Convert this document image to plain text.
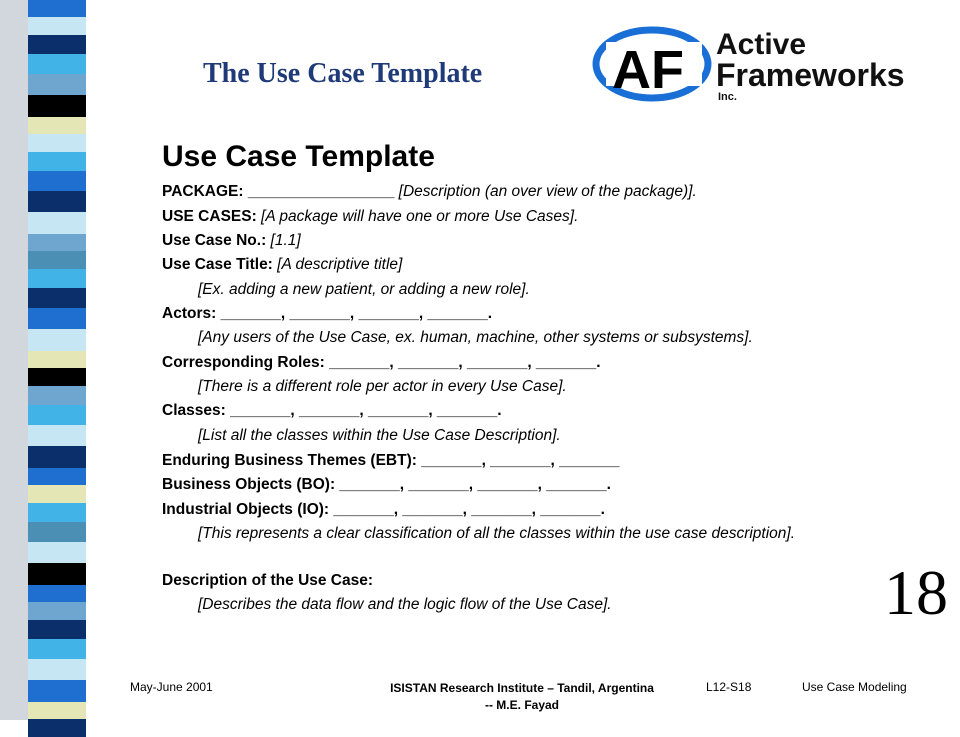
The Use Case Template AF Active
Frameworks
Inc.
Use Case Template
PACKAGE: _________________ [Description (an over view of the package)].
USE CASES: [A package will have one or more Use Cases].
Use Case No.: [1.1]
Use Case Title: [A descriptive title]
[Ex. adding a new patient, or adding a new role].
Actors: _______, _______, _______, _______.
[Any users of the Use Case, ex. human, machine, other systems or subsystems].
Corresponding Roles: _______, _______, _______, _______.
[There is a different role per actor in every Use Case].
Classes: _______, _______, _______, _______.
[List all the classes within the Use Case Description].
Enduring Business Themes (EBT): _______, _______, _______
Business Objects (BO): _______, _______, _______, _______.
Industrial Objects (IO): _______, _______, _______, _______.
[This represents a clear classification of all the classes within the use case description].
Description of the Use Case:
[Describes the data flow and the logic flow of the Use Case].	18
May-June 2001	ISISTAN Research Institute – Tandil, Argentina
-- M.E. Fayad
L12-S18	Use Case Modeling
